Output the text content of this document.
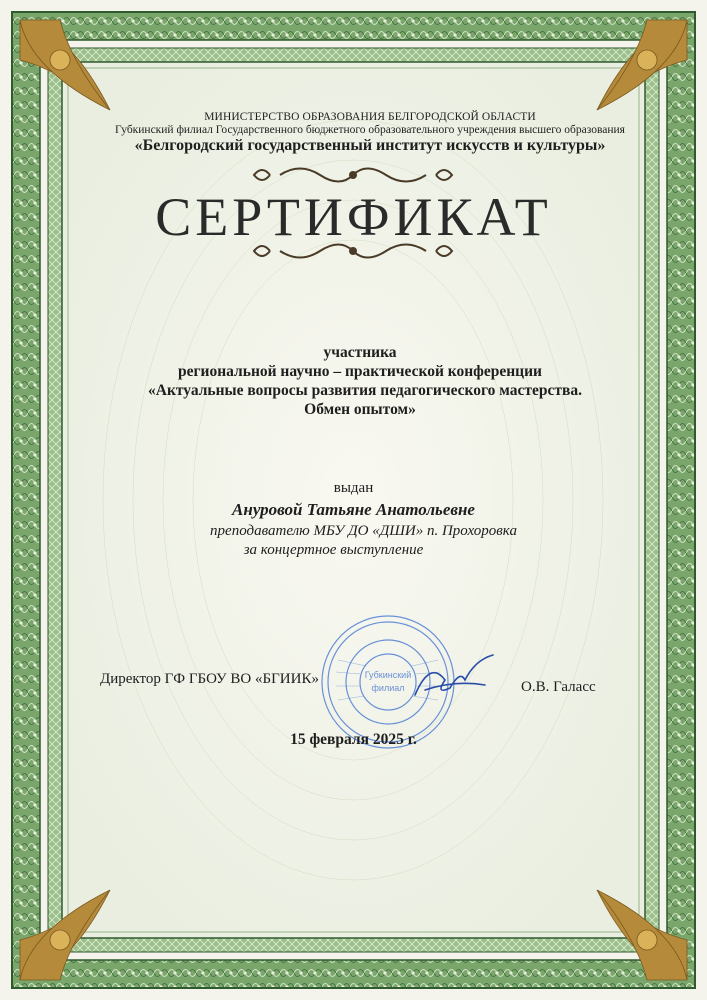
МИНИСТЕРСТВО ОБРАЗОВАНИЯ БЕЛГОРОДСКОЙ ОБЛАСТИ
Губкинский филиал Государственного бюджетного образовательного учреждения высшего образования
«Белгородский государственный институт искусств и культуры»
СЕРТИФИКАТ
участника
региональной научно – практической конференции
«Актуальные вопросы развития педагогического мастерства.
Обмен опытом»
выдан
Ануровой Татьяне Анатольевне
преподавателю МБУ ДО «ДШИ» п. Прохоровка
за концертное выступление
Губкинский
филиал
Директор ГФ ГБОУ ВО «БГИИК»	О.В. Галасс
15 февраля 2025 г.
